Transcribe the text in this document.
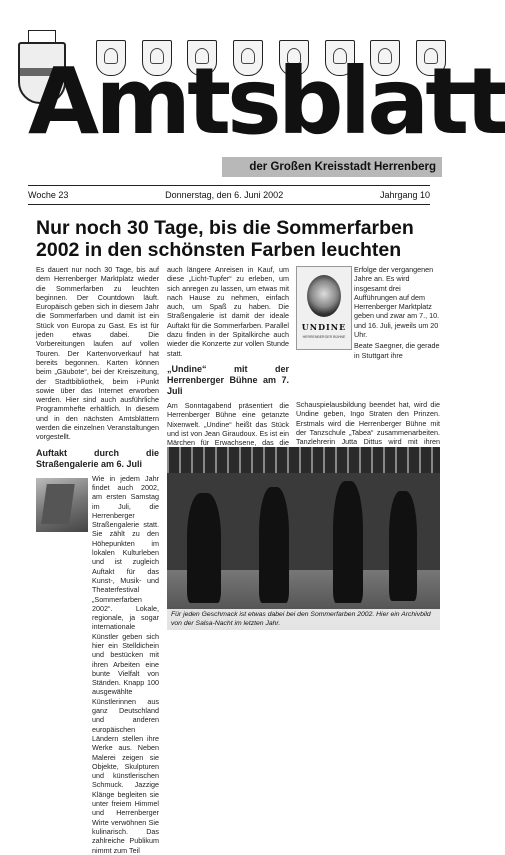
Amtsblatt
der Großen Kreisstadt Herrenberg
Woche 23	Donnerstag, den 6. Juni 2002	Jahrgang 10
Nur noch 30 Tage, bis die Sommerfarben 2002 in den schönsten Farben leuchten

Es dauert nur noch 30 Tage, bis auf dem Herrenberger Marktplatz wieder die Sommerfarben zu leuchten beginnen. Der Countdown läuft. Europäisch geben sich in diesem Jahr die Sommerfarben und damit ist ein Stück von Europa zu Gast. Es ist für jeden etwas dabei. Die Vorbereitungen laufen auf vollen Touren. Der Kartenvorverkauf hat bereits begonnen. Karten können beim „Gäubote“, bei der Kreiszeitung, der Stadtbibliothek, beim i-Punkt sowie über das Internet erworben werden. Hier sind auch ausführliche Programmhefte erhältlich. In diesem und in den nächsten Amtsblättern werden die einzelnen Veranstaltungen vorgestellt.

Auftakt durch die Straßengalerie am 6. Juli

Wie in jedem Jahr findet auch 2002, am ersten Samstag im Juli, die Herrenberger Straßengalerie statt. Sie zählt zu den Höhepunkten im lokalen Kulturleben und ist zugleich Auftakt für das Kunst-, Musik- und Theaterfestival „Sommerfarben 2002“. Lokale, regionale, ja sogar internationale Künstler geben sich hier ein Stelldichein und bestücken mit ihren Arbeiten eine bunte Vielfalt von Ständen. Knapp 100 ausgewählte Künstlerinnen aus ganz Deutschland und anderen europäischen Ländern stellen ihre Werke aus. Neben Malerei zeigen sie Objekte, Skulpturen und künstlerischen Schmuck. Jazzige Klänge begleiten sie unter freiem Himmel und Herrenberger Wirte verwöhnen Sie kulinarisch. Das zahlreiche Publikum nimmt zum Teil

auch längere Anreisen in Kauf, um diese „Licht-Tupfer“ zu erleben, um sich anregen zu lassen, um etwas mit nach Hause zu nehmen, einfach auch, um Spaß zu haben. Die Straßengalerie ist damit der ideale Auftakt für die Sommerfarben. Parallel dazu finden in der Spitalkirche auch wieder die Konzerte zur vollen Stunde statt.

„Undine“ mit der Herrenberger Bühne am 7. Juli

Am Sonntagabend präsentiert die Herrenberger Bühne eine getanzte Nixenwelt. „Undine“ heißt das Stück und ist von Jean Giraudoux. Es ist ein Märchen für Erwachsene, das die

UNDINE
HERRENBERGER BÜHNE

Erfolge der vergangenen Jahre an. Es wird insgesamt drei Aufführungen auf dem Herrenberger Marktplatz geben und zwar am 7., 10. und 16. Juli, jeweils um 20 Uhr.

Beate Saegner, die gerade in Stuttgart ihre

Schauspielausbildung beendet hat, wird die Undine geben, Ingo Straten den Prinzen. Erstmals wird die Herrenberger Bühne mit der Tanzschule „Tabea“ zusammenarbeiten. Tanzlehrerin Jutta Dittus wird mit ihren
Für jeden Geschmack ist etwas dabei bei den Sommerfarben 2002. Hier ein Archivbild von der Salsa-Nacht im letzten Jahr.
